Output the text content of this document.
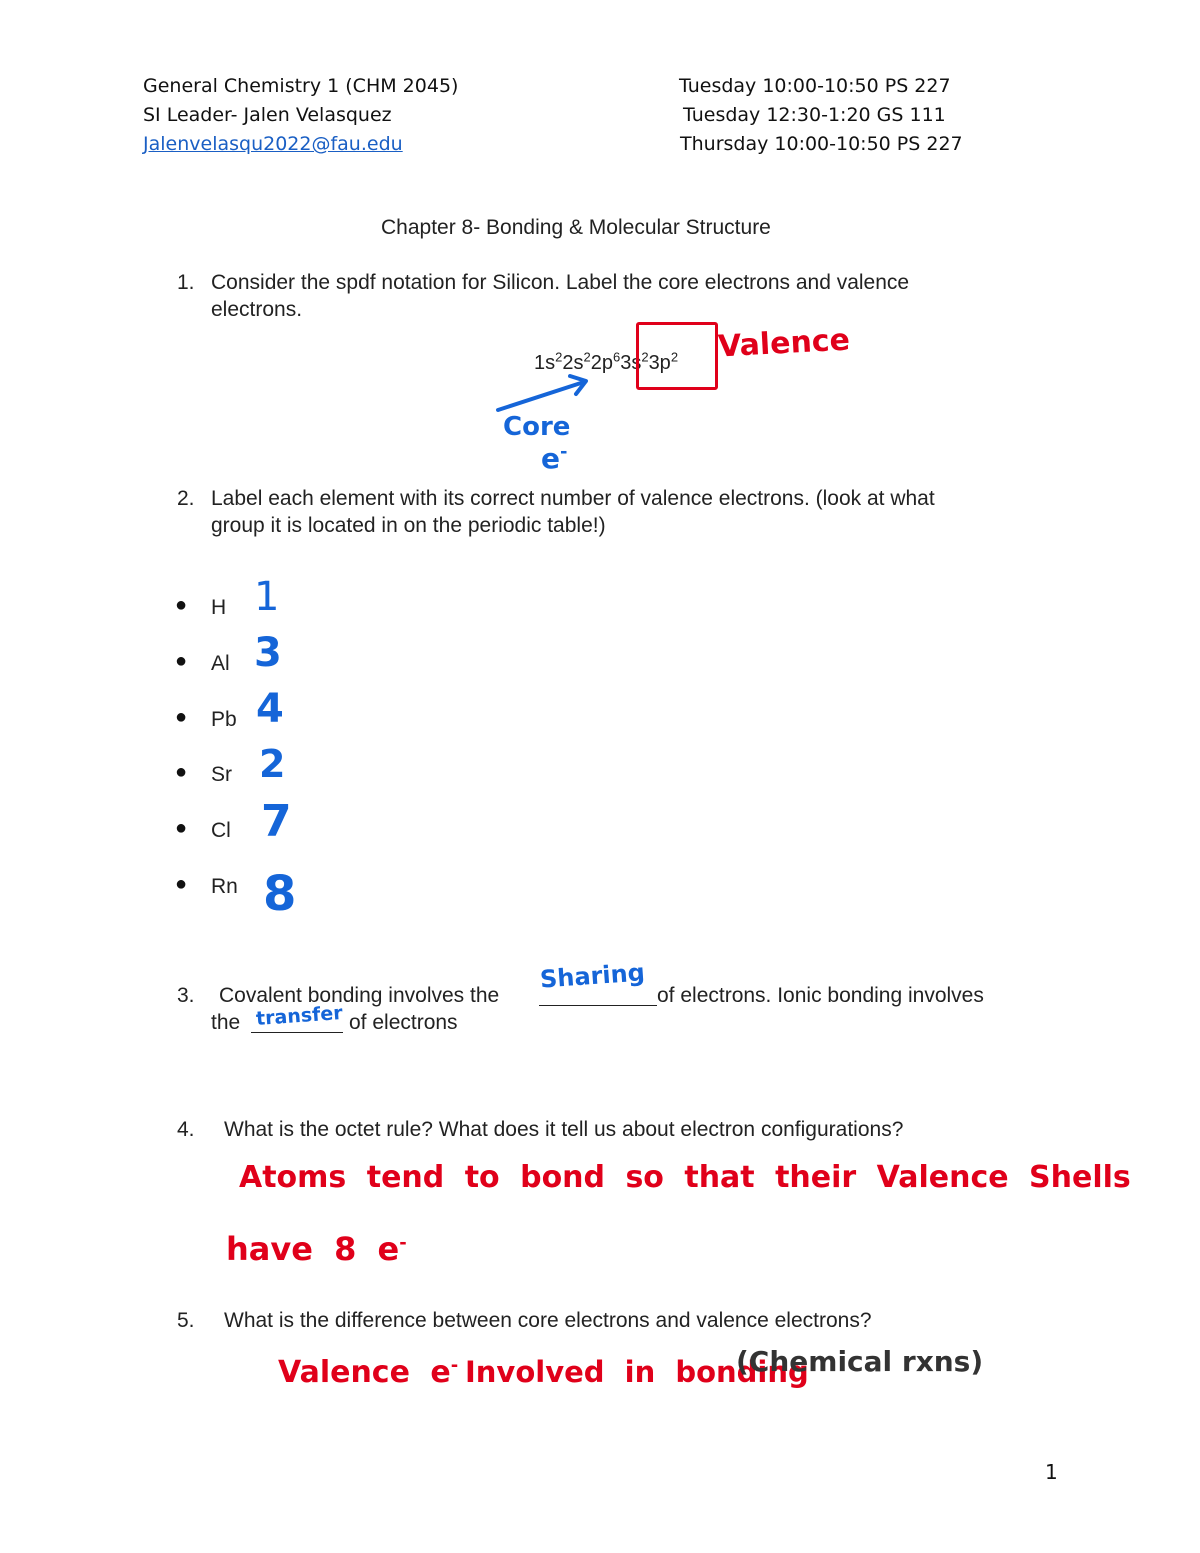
General Chemistry 1 (CHM 2045)
SI Leader- Jalen Velasquez
Jalenvelasqu2022@fau.edu
Tuesday 10:00-10:50 PS 227
Tuesday 12:30-1:20 GS 111
Thursday 10:00-10:50 PS 227
Chapter 8- Bonding & Molecular Structure
1. Consider the spdf notation for Silicon. Label the core electrons and valence
electrons.
$1s^22s^22p^63s^23p^2$ Valence
Core
e-
2. Label each element with its correct number of valence electrons. (look at what
group it is located in on the periodic table!)
● H 1
● Al 3
● Pb 4
● Sr 2
● Cl 7
● Rn 8
3. Covalent bonding involves the
Sharing
of electrons. Ionic bonding involves
the transfer of electrons
4. What is the octet rule? What does it tell us about electron configurations?
Atoms tend to bond so that their Valence Shells
have 8 e-
5. What is the difference between core electrons and valence electrons?
Valence e- Involved in bonding
(Chemical rxns)
1
